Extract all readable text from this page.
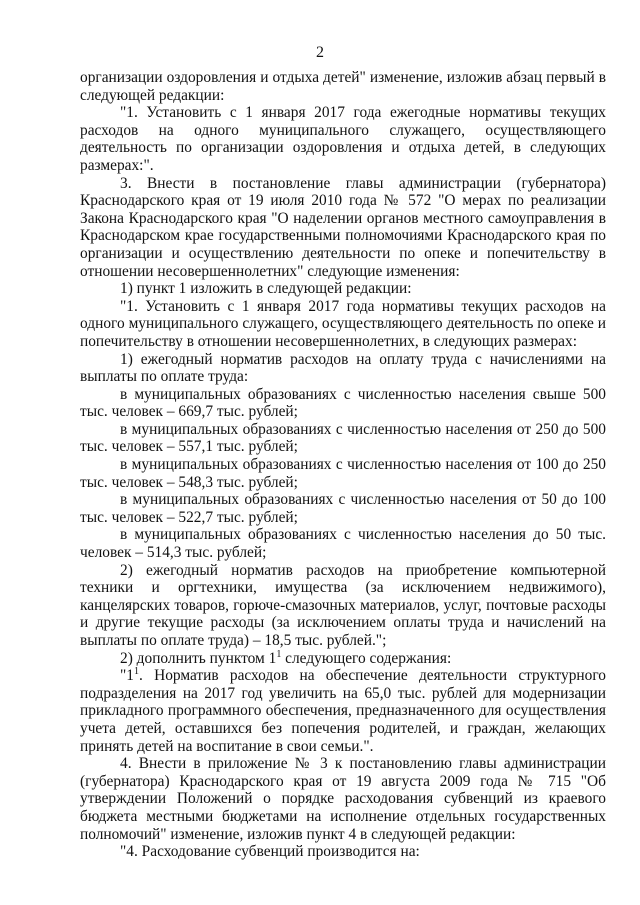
2

организации оздоровления и отдыха детей" изменение, изложив абзац первый в следующей редакции:

"1. Установить с 1 января 2017 года ежегодные нормативы текущих расходов на одного муниципального служащего, осуществляющего деятельность по организации оздоровления и отдыха детей, в следующих размерах:".

3. Внести в постановление главы администрации (губернатора) Краснодарского края от 19 июля 2010 года № 572 "О мерах по реализации Закона Краснодарского края "О наделении органов местного самоуправления в Краснодарском крае государственными полномочиями Краснодарского края по организации и осуществлению деятельности по опеке и попечительству в отношении несовершеннолетних" следующие изменения:

1) пункт 1 изложить в следующей редакции:

"1. Установить с 1 января 2017 года нормативы текущих расходов на одного муниципального служащего, осуществляющего деятельность по опеке и попечительству в отношении несовершеннолетних, в следующих размерах:

1) ежегодный норматив расходов на оплату труда с начислениями на выплаты по оплате труда:

в муниципальных образованиях с численностью населения свыше 500 тыс. человек – 669,7 тыс. рублей;

в муниципальных образованиях с численностью населения от 250 до 500 тыс. человек – 557,1 тыс. рублей;

в муниципальных образованиях с численностью населения от 100 до 250 тыс. человек – 548,3 тыс. рублей;

в муниципальных образованиях с численностью населения от 50 до 100 тыс. человек – 522,7 тыс. рублей;

в муниципальных образованиях с численностью населения до 50 тыс. человек – 514,3 тыс. рублей;

2) ежегодный норматив расходов на приобретение компьютерной техники и оргтехники, имущества (за исключением недвижимого), канцелярских товаров, горюче-смазочных материалов, услуг, почтовые расходы и другие текущие расходы (за исключением оплаты труда и начислений на выплаты по оплате труда) – 18,5 тыс. рублей.";

2) дополнить пунктом $1^1$ следующего содержания:

"$1^1$. Норматив расходов на обеспечение деятельности структурного подразделения на 2017 год увеличить на 65,0 тыс. рублей для модернизации прикладного программного обеспечения, предназначенного для осуществления учета детей, оставшихся без попечения родителей, и граждан, желающих принять детей на воспитание в свои семьи.".

4. Внести в приложение № 3 к постановлению главы администрации (губернатора) Краснодарского края от 19 августа 2009 года № 715 "Об утверждении Положений о порядке расходования субвенций из краевого бюджета местными бюджетами на исполнение отдельных государственных полномочий" изменение, изложив пункт 4 в следующей редакции:

"4. Расходование субвенций производится на:
